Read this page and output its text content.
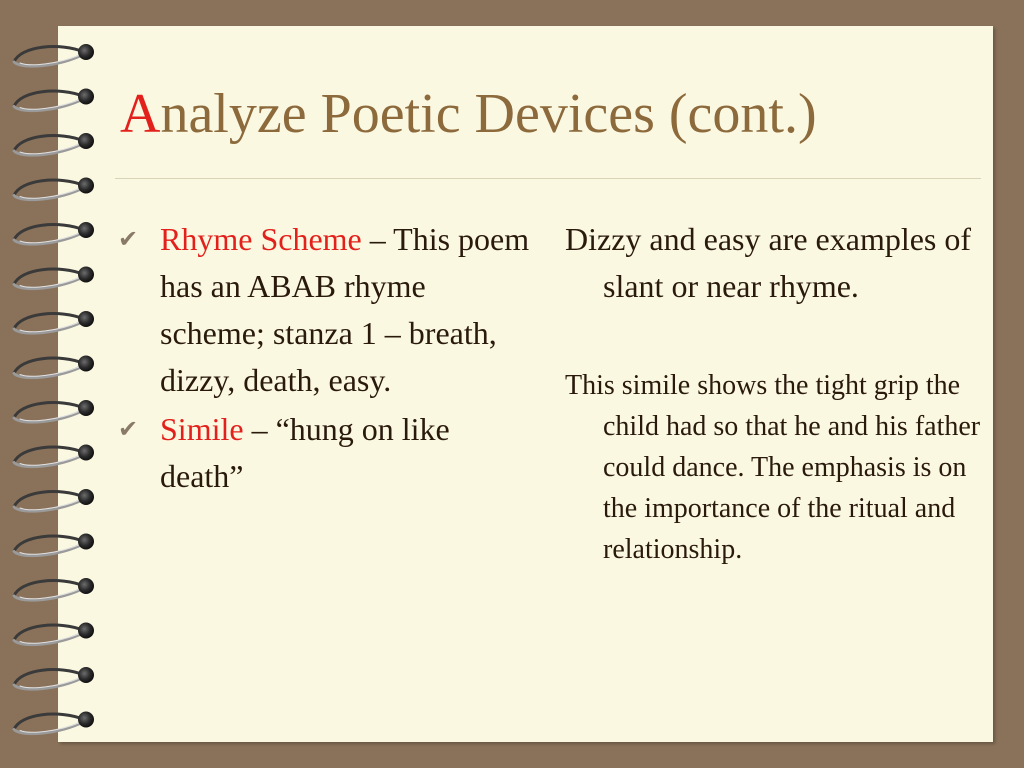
Analyze Poetic Devices (cont.)
✔ Rhyme Scheme – This poem has an ABAB rhyme scheme; stanza 1 – breath, dizzy, death, easy.
✔ Simile – “hung on like death”
Dizzy and easy are examples of slant or near rhyme.
This simile shows the tight grip the child had so that he and his father could dance. The emphasis is on the importance of the ritual and relationship.
